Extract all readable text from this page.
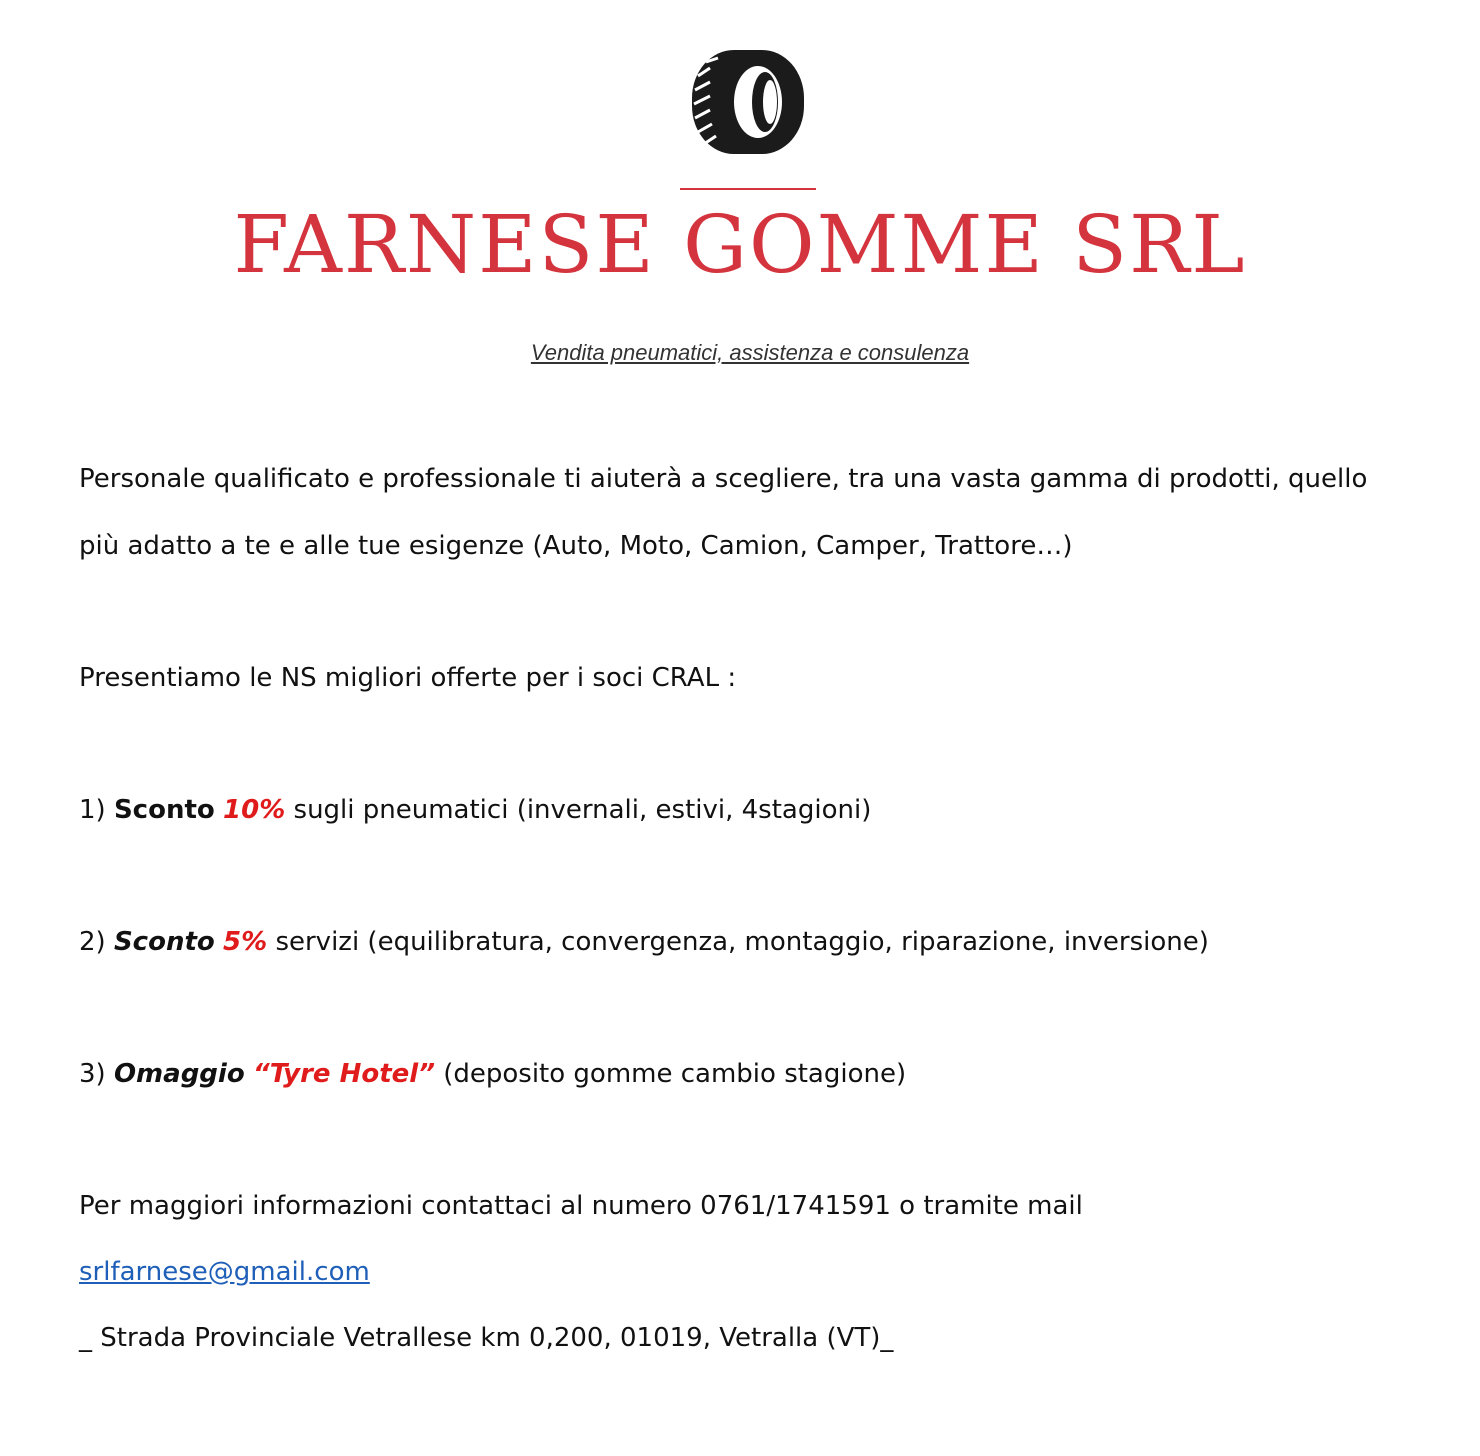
FARNESE GOMME SRL
Vendita pneumatici, assistenza e consulenza
Personale qualificato e professionale ti aiuterà a scegliere, tra una vasta gamma di prodotti, quello
più adatto a te e alle tue esigenze (Auto, Moto, Camion, Camper, Trattore…)
Presentiamo le NS migliori offerte per i soci CRAL :
1) Sconto 10% sugli pneumatici (invernali, estivi, 4stagioni)
2) Sconto 5% servizi (equilibratura, convergenza, montaggio, riparazione, inversione)
3) Omaggio “Tyre Hotel” (deposito gomme cambio stagione)
Per maggiori informazioni contattaci al numero 0761/1741591 o tramite mail
srlfarnese@gmail.com
_ Strada Provinciale Vetrallese km 0,200, 01019, Vetralla (VT)_
